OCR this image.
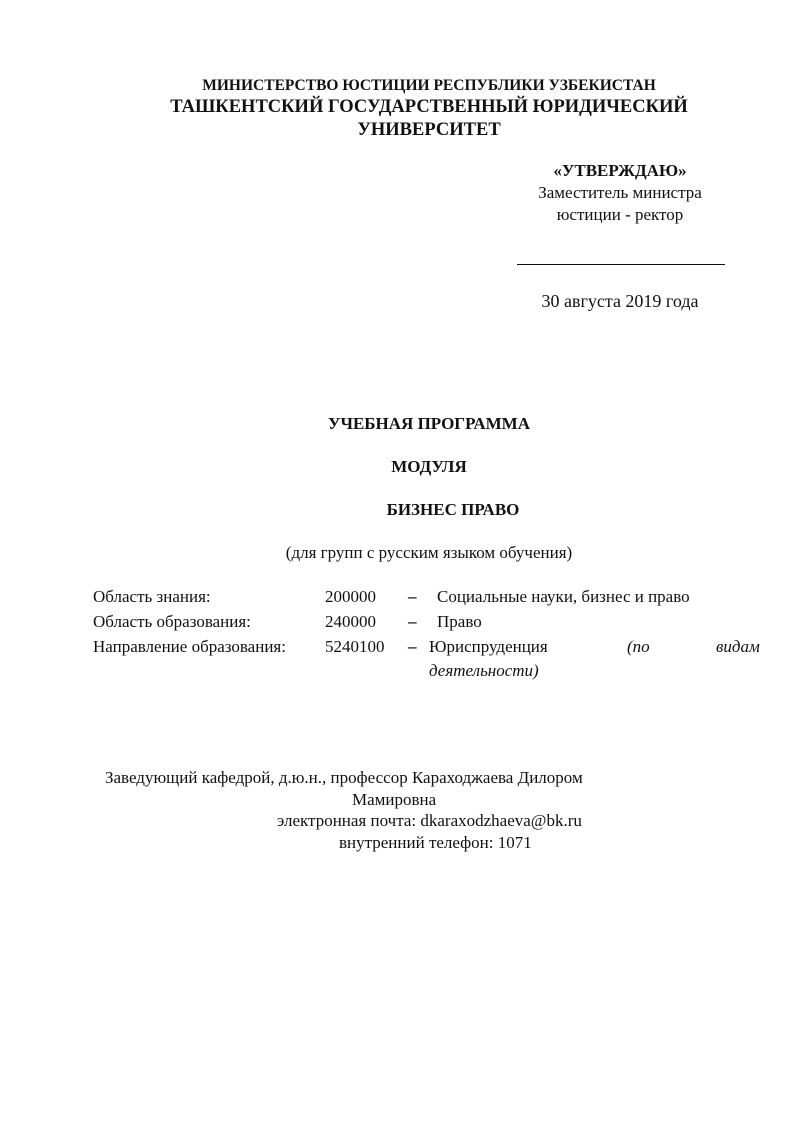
МИНИСТЕРСТВО ЮСТИЦИИ РЕСПУБЛИКИ УЗБЕКИСТАН
ТАШКЕНТСКИЙ ГОСУДАРСТВЕННЫЙ ЮРИДИЧЕСКИЙ
УНИВЕРСИТЕТ
«УТВЕРЖДАЮ»
Заместитель министра
юстиции - ректор
30 августа 2019 года
УЧЕБНАЯ ПРОГРАММА
МОДУЛЯ
БИЗНЕС ПРАВО
(для групп с русским языком обучения)
Область знания:	200000 – Социальные науки, бизнес и право
Область образования:	240000 – Право
Направление образования: 5240100 – Юриспруденция	(по	видам
деятельности)
Заведующий кафедрой, д.ю.н., профессор Караходжаева Дилором
Мамировна
электронная почта: dkaraxodzhaeva@bk.ru
внутренний телефон: 1071
